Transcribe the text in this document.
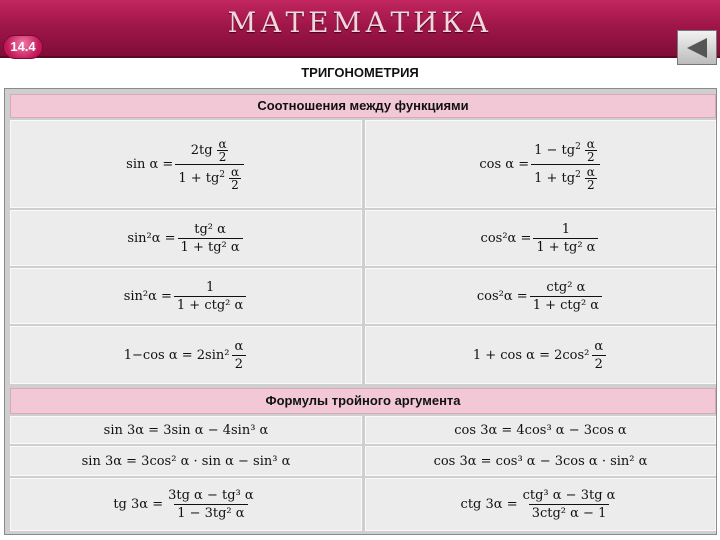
МАТЕМАТИКА
14.4
ТРИГОНОМЕТРИЯ
Соотношения между функциями
$\sin \alpha = \frac{2tg \frac{\alpha}{2}}{1 + tg^2 \frac{\alpha}{2}}$	$\cos \alpha = \frac{1 - tg^2 \frac{\alpha}{2}}{1 + tg^2 \frac{\alpha}{2}}$
$\sin^2\alpha = \frac{\text{tg² α}}{\text{1 + tg² α}}$	$\cos^2\alpha = \frac{1}{\text{1 + tg² α}}$
$\sin^2\alpha = \frac{1}{\text{1 + ctg² α}}$	$\cos^2\alpha = \frac{\text{ctg² α}}{\text{1 + ctg² α}}$
1−cos $\alpha = 2\sin^2 \frac{\alpha}{2}$	$1 + \cos \alpha = 2\cos^2 \frac{\alpha}{2}$
Формулы тройного аргумента
sin 3α = 3sin α − 4sin³ α	cos 3α = 4cos³ α − 3cos α
sin 3α = 3cos² α · sin α − sin³ α	cos 3α = cos³ α − 3cos α · sin² α
tg $3\alpha = \frac{\text{3tg α − tg³ α}}{\text{1 − 3tg² α}}$	ctg $3\alpha = \frac{\text{ctg³ α − 3tg α}}{\text{3ctg² α − 1}}$
